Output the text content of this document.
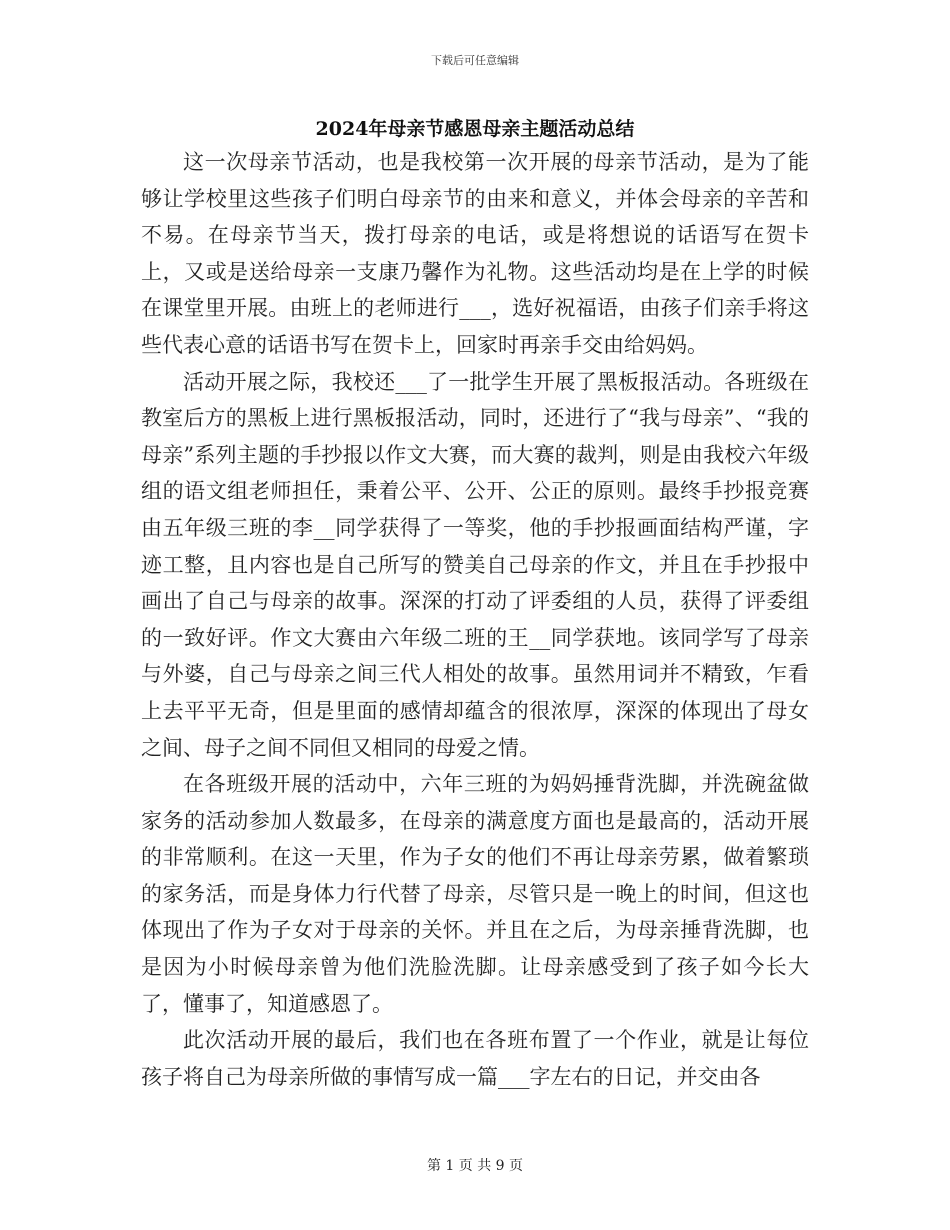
下载后可任意编辑
2024年母亲节感恩母亲主题活动总结

这一次母亲节活动，也是我校第一次开展的母亲节活动，是为了能够让学校里这些孩子们明白母亲节的由来和意义，并体会母亲的辛苦和不易。在母亲节当天，拨打母亲的电话，或是将想说的话语写在贺卡上，又或是送给母亲一支康乃馨作为礼物。这些活动均是在上学的时候在课堂里开展。由班上的老师进行___，选好祝福语，由孩子们亲手将这些代表心意的话语书写在贺卡上，回家时再亲手交由给妈妈。

活动开展之际，我校还___了一批学生开展了黑板报活动。各班级在教室后方的黑板上进行黑板报活动，同时，还进行了“我与母亲”、“我的母亲”系列主题的手抄报以作文大赛，而大赛的裁判，则是由我校六年级组的语文组老师担任，秉着公平、公开、公正的原则。最终手抄报竞赛由五年级三班的李__同学获得了一等奖，他的手抄报画面结构严谨，字迹工整，且内容也是自己所写的赞美自己母亲的作文，并且在手抄报中画出了自己与母亲的故事。深深的打动了评委组的人员，获得了评委组的一致好评。作文大赛由六年级二班的王__同学获地。该同学写了母亲与外婆，自己与母亲之间三代人相处的故事。虽然用词并不精致，乍看上去平平无奇，但是里面的感情却蕴含的很浓厚，深深的体现出了母女之间、母子之间不同但又相同的母爱之情。

在各班级开展的活动中，六年三班的为妈妈捶背洗脚，并洗碗盆做家务的活动参加人数最多，在母亲的满意度方面也是最高的，活动开展的非常顺利。在这一天里，作为子女的他们不再让母亲劳累，做着繁琐的家务活，而是身体力行代替了母亲，尽管只是一晚上的时间，但这也体现出了作为子女对于母亲的关怀。并且在之后，为母亲捶背洗脚，也是因为小时候母亲曾为他们洗脸洗脚。让母亲感受到了孩子如今长大了，懂事了，知道感恩了。

此次活动开展的最后，我们也在各班布置了一个作业，就是让每位孩子将自己为母亲所做的事情写成一篇___字左右的日记，并交由各

第 1 页 共 9 页
